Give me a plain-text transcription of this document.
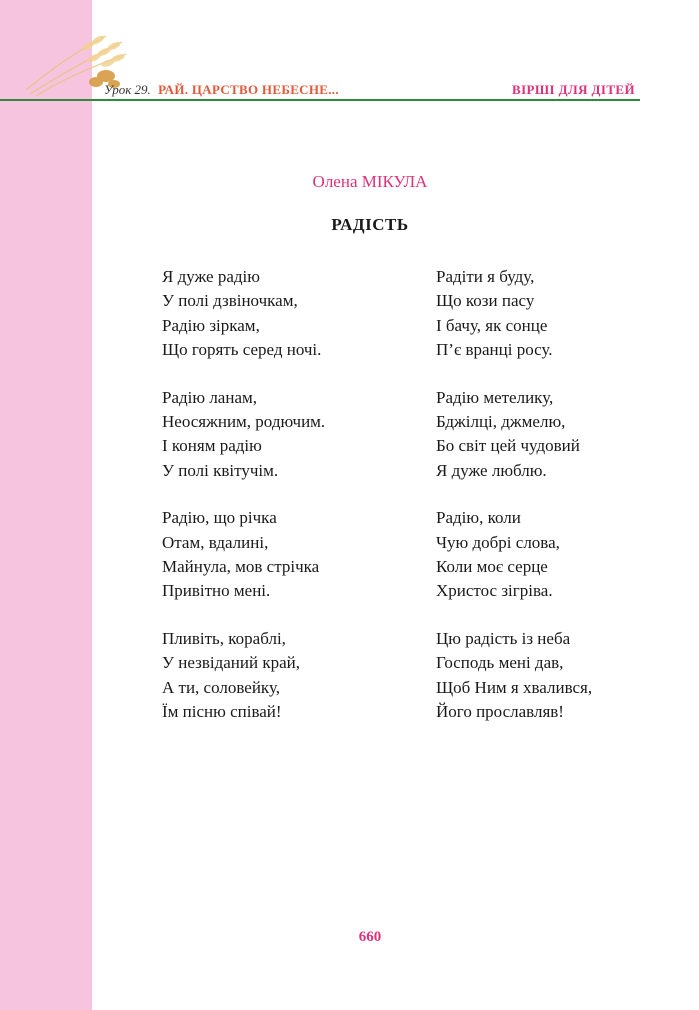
Урок 29. РАЙ. ЦАРСТВО НЕБЕСНЕ...	ВІРШІ ДЛЯ ДІТЕЙ
Олена МІКУЛА
РАДІСТЬ
Я дуже радію
У полі дзвіночкам,
Радію зіркам,
Що горять серед ночі.
Радію ланам,
Неосяжним, родючим.
І коням радію
У полі квітучім.
Радію, що річка
Отам, вдалині,
Майнула, мов стрічка
Привітно мені.
Пливіть, кораблі,
У незвіданий край,
А ти, соловейку,
Їм пісню співай!
Радіти я буду,
Що кози пасу
І бачу, як сонце
П’є вранці росу.
Радію метелику,
Бджілці, джмелю,
Бо світ цей чудовий
Я дуже люблю.
Радію, коли
Чую добрі слова,
Коли моє серце
Христос зігріва.
Цю радість із неба
Господь мені дав,
Щоб Ним я хвалився,
Його прославляв!
660
